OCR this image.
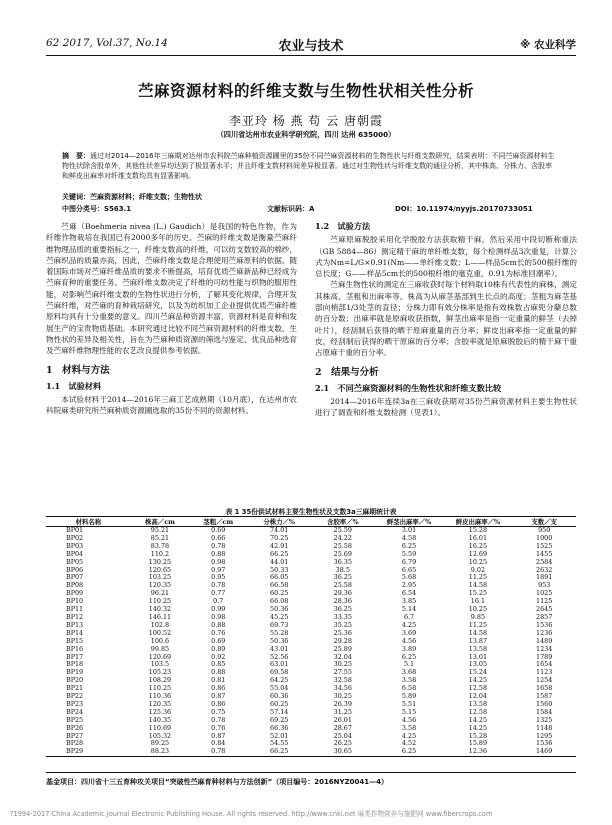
62 2017, Vol.37, No.14	农业与技术	※ 农业科学
苎麻资源材料的纤维支数与生物性状相关性分析
李亚玲 杨 燕 苟 云 唐朝霞
（四川省达州市农业科学研究院，四川 达州 635000）
摘　要：通过对2014—2016年三麻期对达州市农科院苎麻种植资源圃里的35份不同苎麻资源材料的生物性状与纤维支数研究，结果表明：不同苎麻资源材料生物性状除含股单外，其他性状差异均达到了极显著水平；并且纤维支数材料间差异极显著。通过对生物性状与纤维支数的通径分析，其中株高、分株力、含股率和鲜皮出麻率对纤维支数均具有显著影响。
关键词：苎麻资源材料；纤维支数；生物性状
中图分类号：S563.1	文献标识码：A	DOI：10.11974/nyyjs.20170733051

苎麻（Boehmeria nivea (L.) Gaudich）是我国的特色作物，作为纤维作物栽培在我国已有2000多年的历史。苎麻的纤维支数是衡量苎麻纤维物理品质的重要指标之一，纤维支数高的纤维，可以纺支数较高的棉纱，苎麻织品的质量亦高，因此，苎麻纤维支数是合理使用苎麻原料的依据。随着国际市场对苎麻纤维品质的要求不断提高，培育优质苎麻新品种已经成为苎麻育种的重要任务。苎麻纤维支数决定了纤维的可纺性能与织物的服用性能，对影响苎麻纤维支数的生物性状进行分析，了解其变化规律，合理开发苎麻纤维，对苎麻的育种栽培研究，以及为纺织加工企业提供优质苎麻纤维原料均具有十分重要的意义。四川苎麻品种资源丰富，资源材料是育种和发展生产的宝贵物质基础。本研究通过比较不同苎麻资源材料的纤维支数、生物性状的差异及相关性，旨在为苎麻种质资源的筛选与鉴定、优良品种选育及苎麻纤维物理性能的农艺改良提供参考依据。

1　材料与方法
1.1　试验材料

本试验材料于2014—2016年三麻工艺成熟期（10月底），在达州市农科院麻类研究所苎麻种质资源圃选取的35份不同的资源材料。

1.2　试验方法

苎麻原麻脱胶采用化学脱胶方法获取精干麻，然后采用中段切断称重法（GB 5884—86）测定精干麻的单纤维支数，每个检测样品3次重复，计算公式为Nm=L/G×0.91(Nm——单纤维支数；L——样品5cm长的500根纤维的总长度；G——样品5cm长的500根纤维的毫克重，0.91为标准回潮率）。

苎麻生物性状的测定在三麻收获时每个材料取10株有代表性的麻株，测定其株高、茎粗和出麻率等。株高为从麻茎基部到生长点的高度；茎粗为麻茎基部向梢部1/3处茎的直径；分株力即有效分株率是指有效株数占麻兜分蘖总数的百分数；出麻率就是原麻收获指数，鲜茎出麻率是指一定重量的鲜茎（去掉叶片），经刮制后获得的晒干原麻重量的百分率；鲜皮出麻率指一定重量的鲜皮，经刮制后获得的晒干原麻的百分率；含胶率就是原麻脱胶后的精干麻干重占原麻干重的百分率。

2　结果与分析
2.1　不同苎麻资源材料的生物性状和纤维支数比较

2014—2016年连续3a在三麻收获期对35份苎麻资源材料主要生物性状进行了调查和纤维支数检测（见表1）。

表 1 35份供试材料主要生物性状及支数3a三麻期统计表
材料名称	株高／cm	茎粗／cm	分株力／%	含胶率／%	鲜茎出麻率／%	鲜皮出麻率／%	支数／支
BP01	95.21	0.69	74.01	25.59	3.01	15.28	950
BP02	85.21	0.66	70.25	24.22	4.58	16.01	1000
BP03	83.78	0.78	42.91	25.58	6.25	16.25	1525
BP04	110.2	0.88	66.25	25.69	5.59	12.69	1455
BP05	130.25	0.98	44.01	36.35	6.79	10.25	2584
BP06	120.65	0.97	50.33	38.5	6.65	9.02	2632
BP07	103.25	0.95	66.05	36.25	5.68	11.25	1891
BP08	120.35	0.78	66.58	25.58	2.95	14.58	953
BP09	96.21	0.77	60.25	29.36	6.54	15.25	1025
BP10	110.25	0.7	66.08	28.36	3.85	16.1	1125
BP11	140.32	0.99	50.36	36.25	5.14	10.25	2645
BP12	146.11	0.98	45.25	33.35	6.7	9.85	2857
BP13	102.8	0.88	69.73	35.25	4.25	11.25	1536
BP14	100.52	0.76	55.28	25.36	3.69	14.58	1236
BP15	100.6	0.69	50.36	29.28	4.56	13.87	1489
BP16	99.85	0.89	43.01	25.89	3.89	13.58	1234
BP17	120.69	0.92	52.56	32.04	6.25	13.01	1789
BP18	103.5	0.85	63.01	30.25	5.1	13.05	1654
BP19	105.23	0.88	69.58	27.55	3.68	15.24	1123
BP20	108.29	0.81	64.25	32.58	3.58	14.25	1254
BP21	110.25	0.86	55.04	34.56	6.58	12.58	1658
BP22	110.36	0.87	60.36	30.25	5.89	12.04	1587
BP23	120.35	0.86	60.25	26.39	5.51	13.58	1560
BP24	125.36	0.75	57.14	31.25	5.15	12.58	1584
BP25	140.35	0.78	69.25	26.01	4.56	14.25	1325
BP26	110.69	0.76	66.36	28.67	3.58	14.25	1148
BP27	105.32	0.87	52.01	25.04	4.25	15.28	1295
BP28	89.25	0.84	54.55	26.25	4.52	15.89	1536
BP29	88.23	0.78	66.25	30.65	6.25	12.36	1469
基金项目：四川省十三五育种攻关项目“突破性苎麻育种材料与方法创新”（项目编号：2016NYZ0041—4）
?1994-2017 China Academic Journal Electronic Publishing House. All rights reserved. http://www.cnki.net 麻类作物营养与施肥网 www.fibercrops.com
